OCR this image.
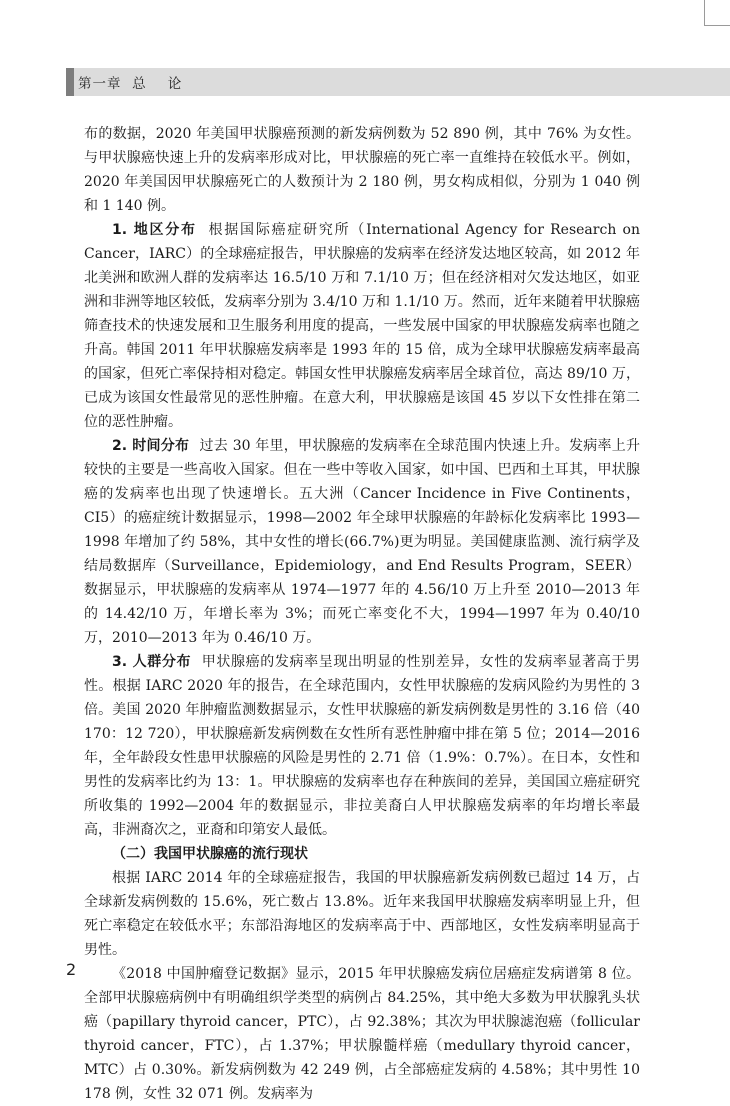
第一章  总    论

布的数据，2020 年美国甲状腺癌预测的新发病例数为 52 890 例，其中 76% 为女性。与甲状腺癌快速上升的发病率形成对比，甲状腺癌的死亡率一直维持在较低水平。例如，2020 年美国因甲状腺癌死亡的人数预计为 2 180 例，男女构成相似，分别为 1 040 例和 1 140 例。

1. 地区分布 根据国际癌症研究所（International Agency for Research on Cancer，IARC）的全球癌症报告，甲状腺癌的发病率在经济发达地区较高，如 2012 年北美洲和欧洲人群的发病率达 16.5/10 万和 7.1/10 万；但在经济相对欠发达地区，如亚洲和非洲等地区较低，发病率分别为 3.4/10 万和 1.1/10 万。然而，近年来随着甲状腺癌筛查技术的快速发展和卫生服务利用度的提高，一些发展中国家的甲状腺癌发病率也随之升高。韩国 2011 年甲状腺癌发病率是 1993 年的 15 倍，成为全球甲状腺癌发病率最高的国家，但死亡率保持相对稳定。韩国女性甲状腺癌发病率居全球首位，高达 89/10 万，已成为该国女性最常见的恶性肿瘤。在意大利，甲状腺癌是该国 45 岁以下女性排在第二位的恶性肿瘤。

2. 时间分布 过去 30 年里，甲状腺癌的发病率在全球范围内快速上升。发病率上升较快的主要是一些高收入国家。但在一些中等收入国家，如中国、巴西和土耳其，甲状腺癌的发病率也出现了快速增长。五大洲（Cancer Incidence in Five Continents，CI5）的癌症统计数据显示，1998—2002 年全球甲状腺癌的年龄标化发病率比 1993—1998 年增加了约 58%，其中女性的增长(66.7%)更为明显。美国健康监测、流行病学及结局数据库（Surveillance，Epidemiology，and End Results Program，SEER）数据显示，甲状腺癌的发病率从 1974—1977 年的 4.56/10 万上升至 2010—2013 年的 14.42/10 万，年增长率为 3%；而死亡率变化不大，1994—1997 年为 0.40/10 万，2010—2013 年为 0.46/10 万。

3. 人群分布 甲状腺癌的发病率呈现出明显的性别差异，女性的发病率显著高于男性。根据 IARC 2020 年的报告，在全球范围内，女性甲状腺癌的发病风险约为男性的 3 倍。美国 2020 年肿瘤监测数据显示，女性甲状腺癌的新发病例数是男性的 3.16 倍（40 170：12 720），甲状腺癌新发病例数在女性所有恶性肿瘤中排在第 5 位；2014—2016 年，全年龄段女性患甲状腺癌的风险是男性的 2.71 倍（1.9%：0.7%）。在日本，女性和男性的发病率比约为 13：1。甲状腺癌的发病率也存在种族间的差异，美国国立癌症研究所收集的 1992—2004 年的数据显示，非拉美裔白人甲状腺癌发病率的年均增长率最高，非洲裔次之，亚裔和印第安人最低。

（二）我国甲状腺癌的流行现状

根据 IARC 2014 年的全球癌症报告，我国的甲状腺癌新发病例数已超过 14 万，占全球新发病例数的 15.6%，死亡数占 13.8%。近年来我国甲状腺癌发病率明显上升，但死亡率稳定在较低水平；东部沿海地区的发病率高于中、西部地区，女性发病率明显高于男性。

《2018 中国肿瘤登记数据》显示，2015 年甲状腺癌发病位居癌症发病谱第 8 位。全部甲状腺癌病例中有明确组织学类型的病例占 84.25%，其中绝大多数为甲状腺乳头状癌（papillary thyroid cancer，PTC），占 92.38%；其次为甲状腺滤泡癌（follicular thyroid cancer，FTC），占 1.37%；甲状腺髓样癌（medullary thyroid cancer，MTC）占 0.30%。新发病例数为 42 249 例，占全部癌症发病的 4.58%；其中男性 10 178 例，女性 32 071 例。发病率为

2
